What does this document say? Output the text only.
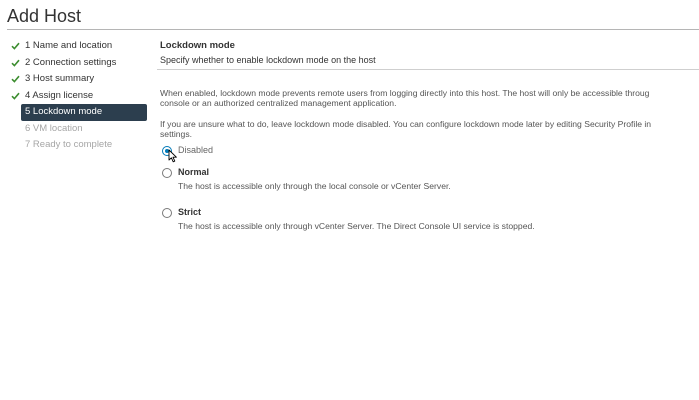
Add Host
1 Name and location
2 Connection settings
3 Host summary
4 Assign license
5 Lockdown mode
6 VM location
7 Ready to complete
Lockdown mode
Specify whether to enable lockdown mode on the host
When enabled, lockdown mode prevents remote users from logging directly into this host. The host will only be accessible throug
console or an authorized centralized management application.
If you are unsure what to do, leave lockdown mode disabled. You can configure lockdown mode later by editing Security Profile in
settings.
Disabled
Normal
The host is accessible only through the local console or vCenter Server.
Strict
The host is accessible only through vCenter Server. The Direct Console UI service is stopped.
